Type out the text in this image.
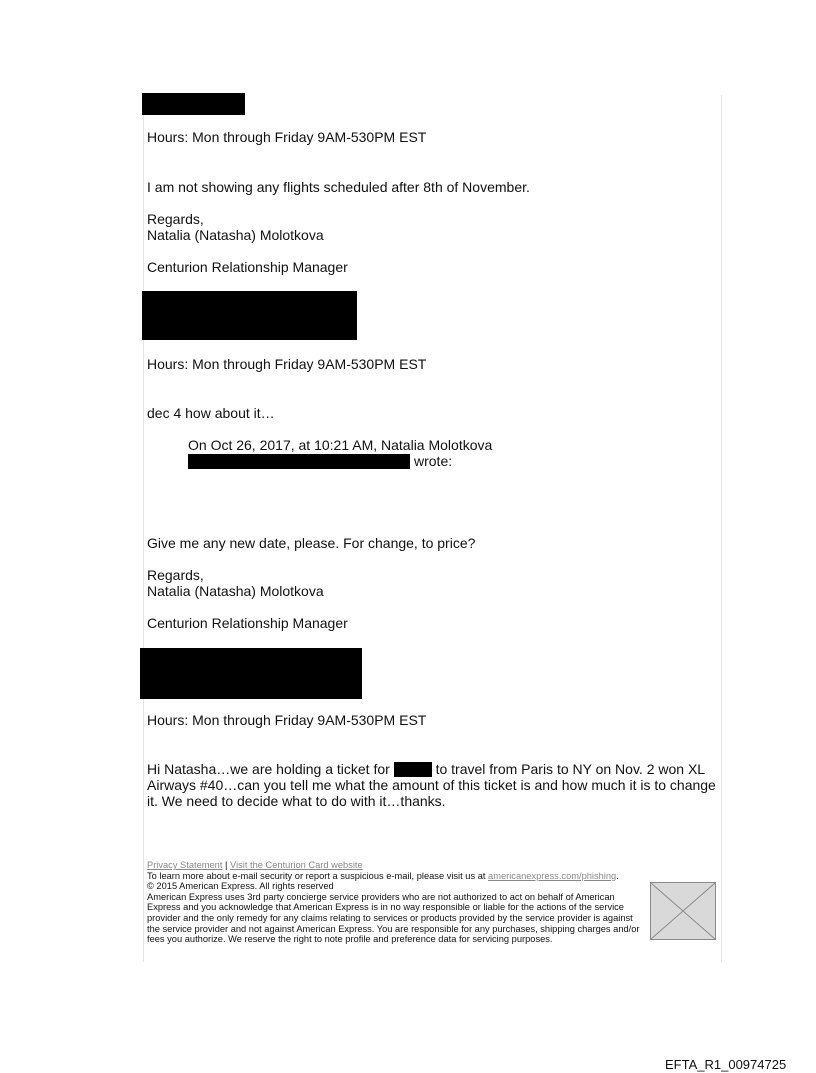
Hours: Mon through Friday 9AM-530PM EST
I am not showing any flights scheduled after 8th of November.
Regards,
Natalia (Natasha) Molotkova
Centurion Relationship Manager
Hours: Mon through Friday 9AM-530PM EST
dec 4 how about it…
On Oct 26, 2017, at 10:21 AM, Natalia Molotkova
wrote:
Give me any new date, please. For change, to price?
Regards,
Natalia (Natasha) Molotkova
Centurion Relationship Manager
Hours: Mon through Friday 9AM-530PM EST
Hi Natasha…we are holding a ticket for	to travel from Paris to NY on Nov. 2 won XL Airways #40…can you tell me what the amount of this ticket is and how much it is to change it. We need to decide what to do with it…thanks.

Privacy Statement | Visit the Centurion Card website

To learn more about e-mail security or report a suspicious e-mail, please visit us at americanexpress.com/phishing.

© 2015 American Express. All rights reserved

American Express uses 3rd party concierge service providers who are not authorized to act on behalf of American Express and you acknowledge that American Express is in no way responsible or liable for the actions of the service provider and the only remedy for any claims relating to services or products provided by the service provider is against the service provider and not against American Express. You are responsible for any purchases, shipping charges and/or fees you authorize. We reserve the right to note profile and preference data for servicing purposes.

EFTA_R1_00974725
